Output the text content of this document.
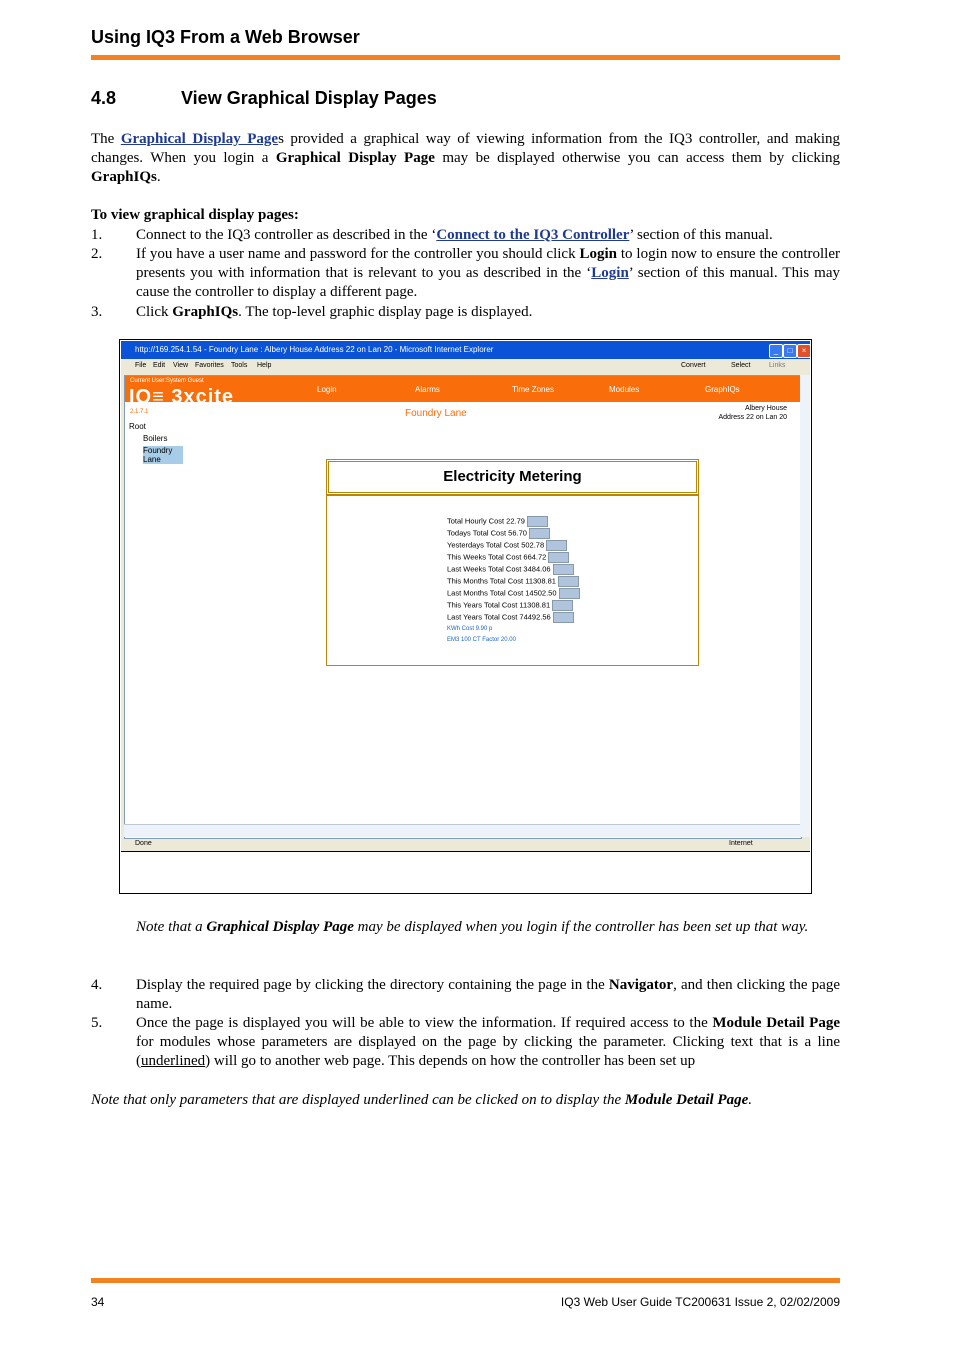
Using IQ3 From a Web Browser
4.8	View Graphical Display Pages
The Graphical Display Pages provided a graphical way of viewing information from the IQ3 controller, and making changes. When you login a Graphical Display Page may be displayed otherwise you can access them by clicking GraphIQs.
To view graphical display pages:
1. Connect to the IQ3 controller as described in the ‘Connect to the IQ3 Controller’ section of this manual.
2. If you have a user name and password for the controller you should click Login to login now to ensure the controller presents you with information that is relevant to you as described in the ‘Login’ section of this manual. This may cause the controller to display a different page.
3. Click GraphIQs. The top-level graphic display page is displayed.
http://169.254.1.54 - Foundry Lane : Albery House Address 22 on Lan 20 - Microsoft Internet Explorer	_	□	×
File Edit View Favorites Tools Help	Convert	Select	Links
Current User:System Guest
Login	Alarms	Time Zones	Modules	GraphIQs
IQ≡ 3xcite
2.1.7.1
Root
Boilers
Foundry Lane
Foundry Lane	Albery House
Address 22 on Lan 20
Electricity Metering
Total Hourly Cost 22.79
Todays Total Cost 56.70
Yesterdays Total Cost 502.78
This Weeks Total Cost 664.72
Last Weeks Total Cost 3484.06
This Months Total Cost 11308.81
Last Months Total Cost 14502.50
This Years Total Cost 11308.81
Last Years Total Cost 74492.56
KWh Cost 9.90 p
EM3 100 CT Factor 20.00
Done	Internet
Note that a Graphical Display Page may be displayed when you login if the controller has been set up that way.
4. Display the required page by clicking the directory containing the page in the Navigator, and then clicking the page name.
5. Once the page is displayed you will be able to view the information. If required access to the Module Detail Page for modules whose parameters are displayed on the page by clicking the parameter. Clicking text that is a line (underlined) will go to another web page. This depends on how the controller has been set up
Note that only parameters that are displayed underlined can be clicked on to display the Module Detail Page.
34	IQ3 Web User Guide TC200631 Issue 2, 02/02/2009
